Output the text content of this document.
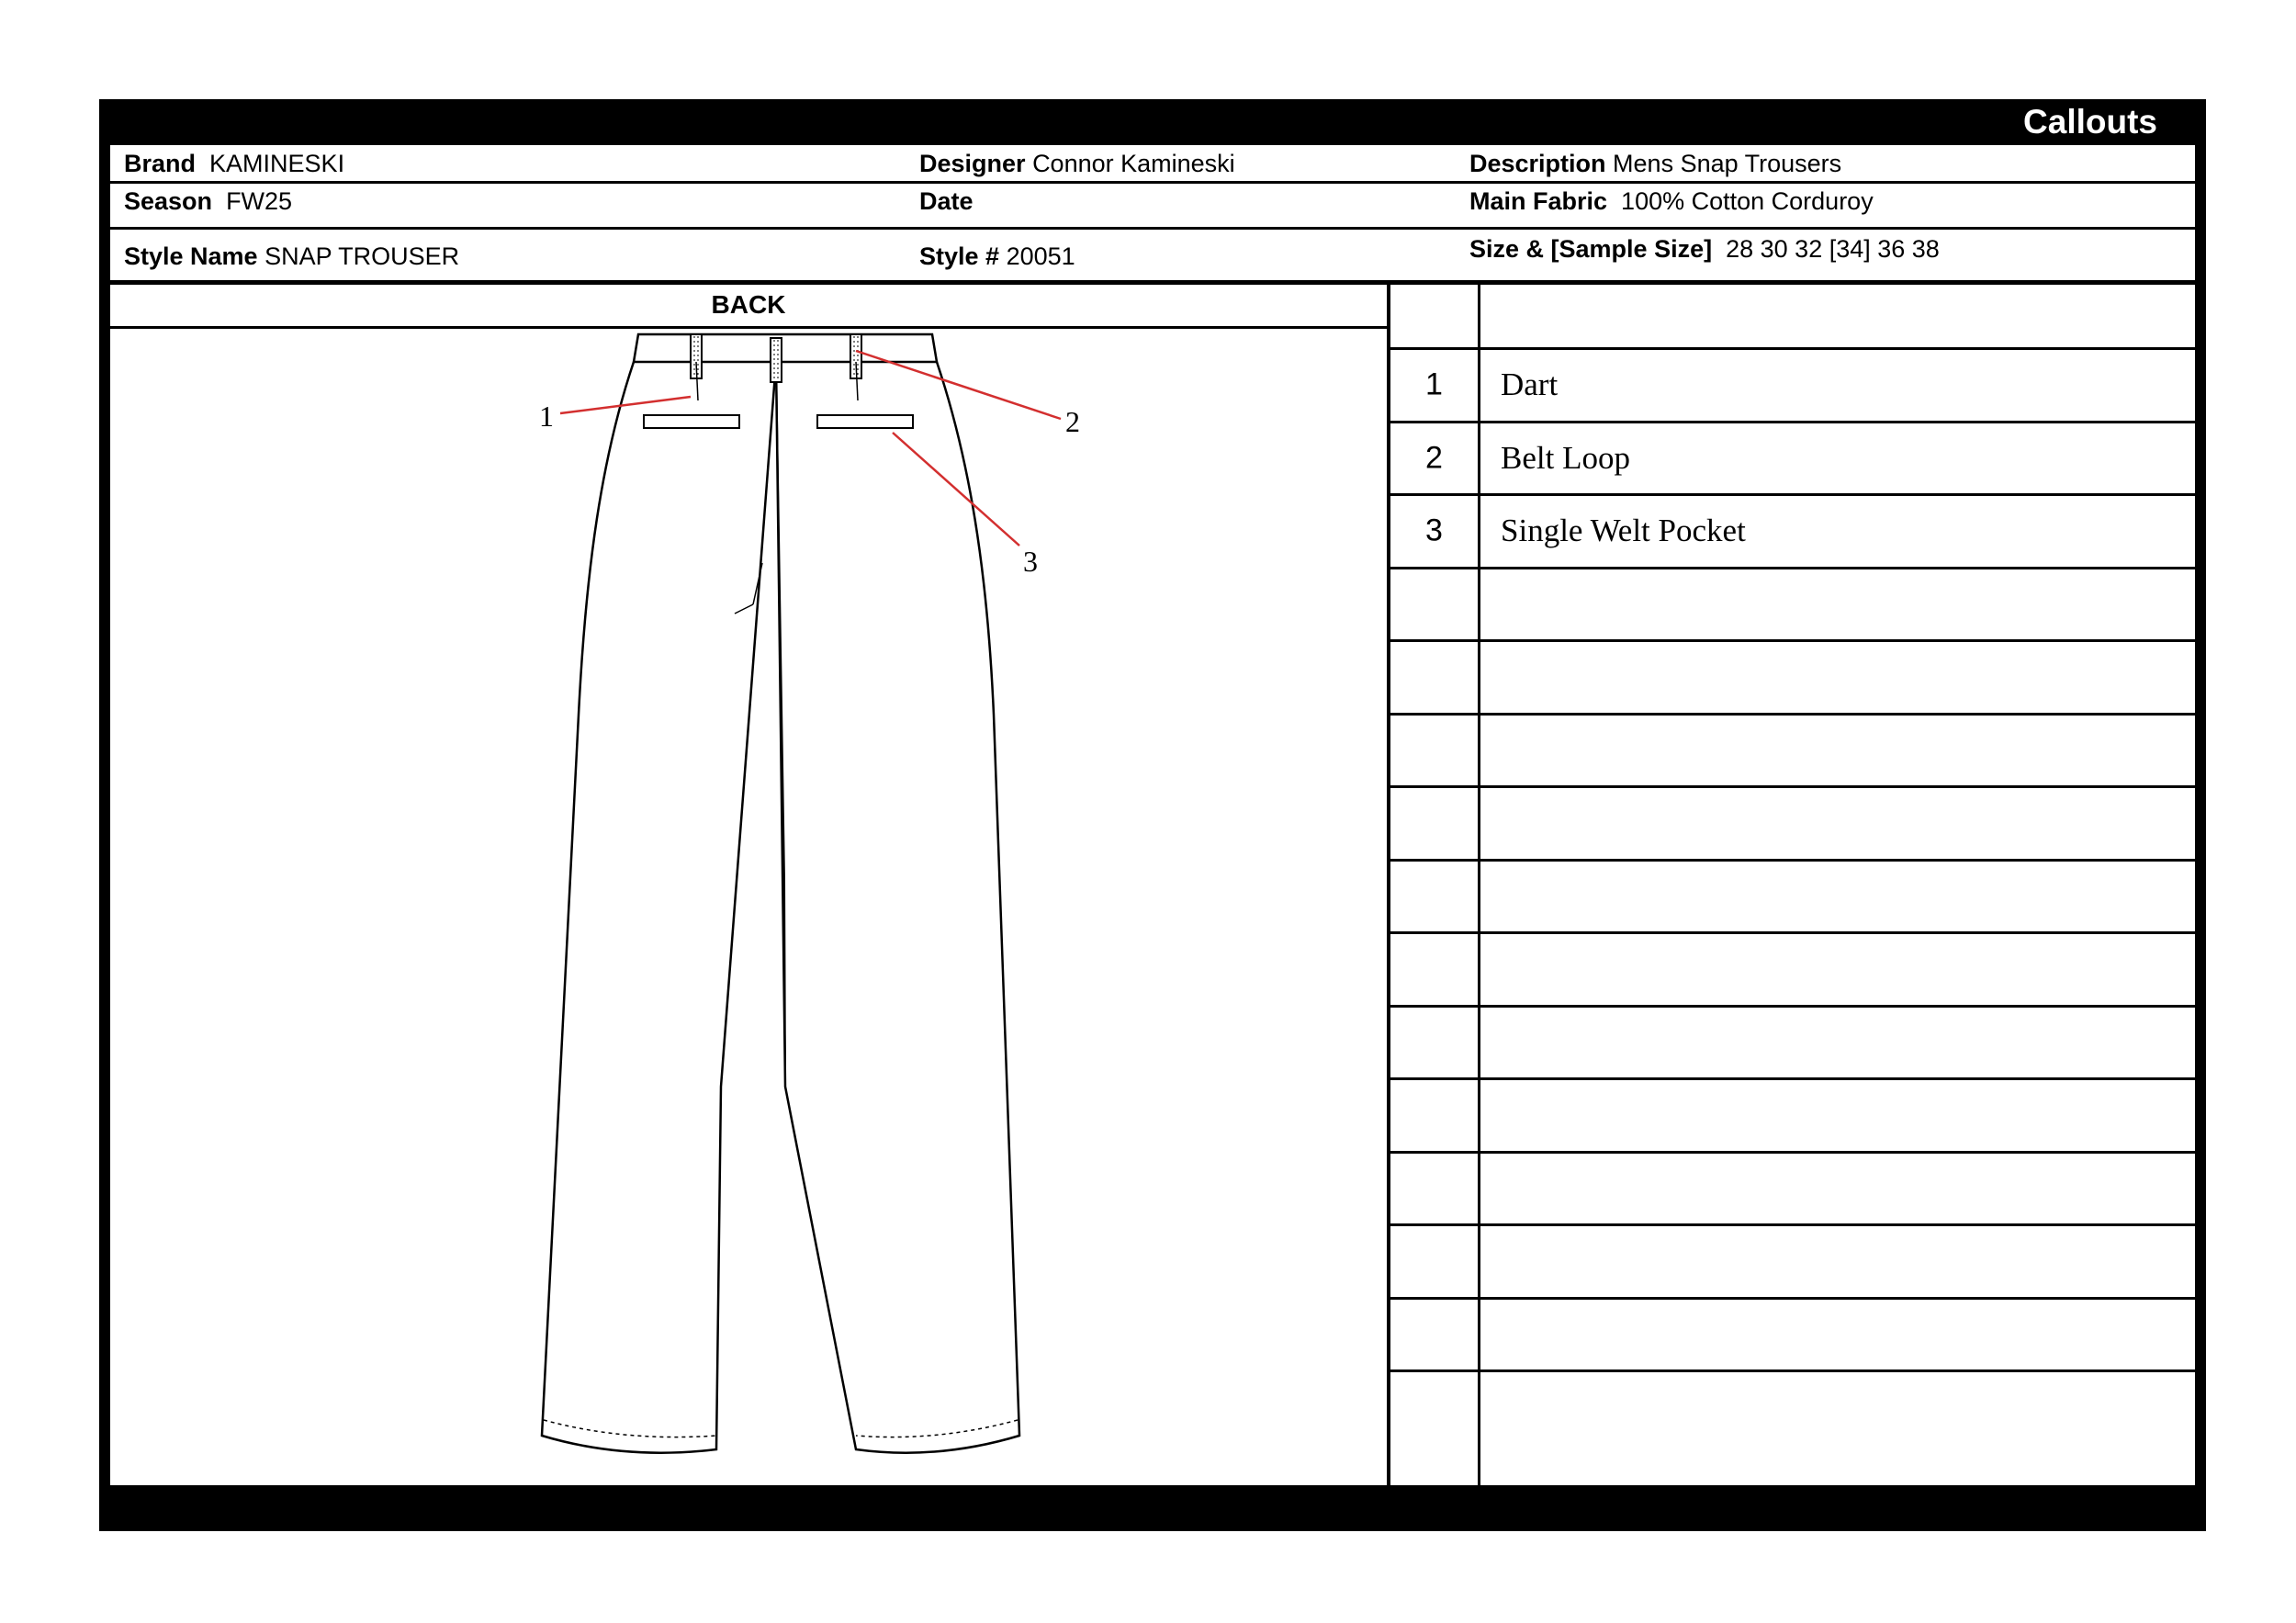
Callouts
Brand KAMINESKI	Designer Connor Kamineski	Description Mens Snap Trousers
Season FW25	Date	Main Fabric 100% Cotton Corduroy
Style Name SNAP TROUSER	Style # 20051	Size & [Sample Size] 28 30 32 [34] 36 38
BACK
1	2
3
1	Dart
2	Belt Loop
3	Single Welt Pocket
